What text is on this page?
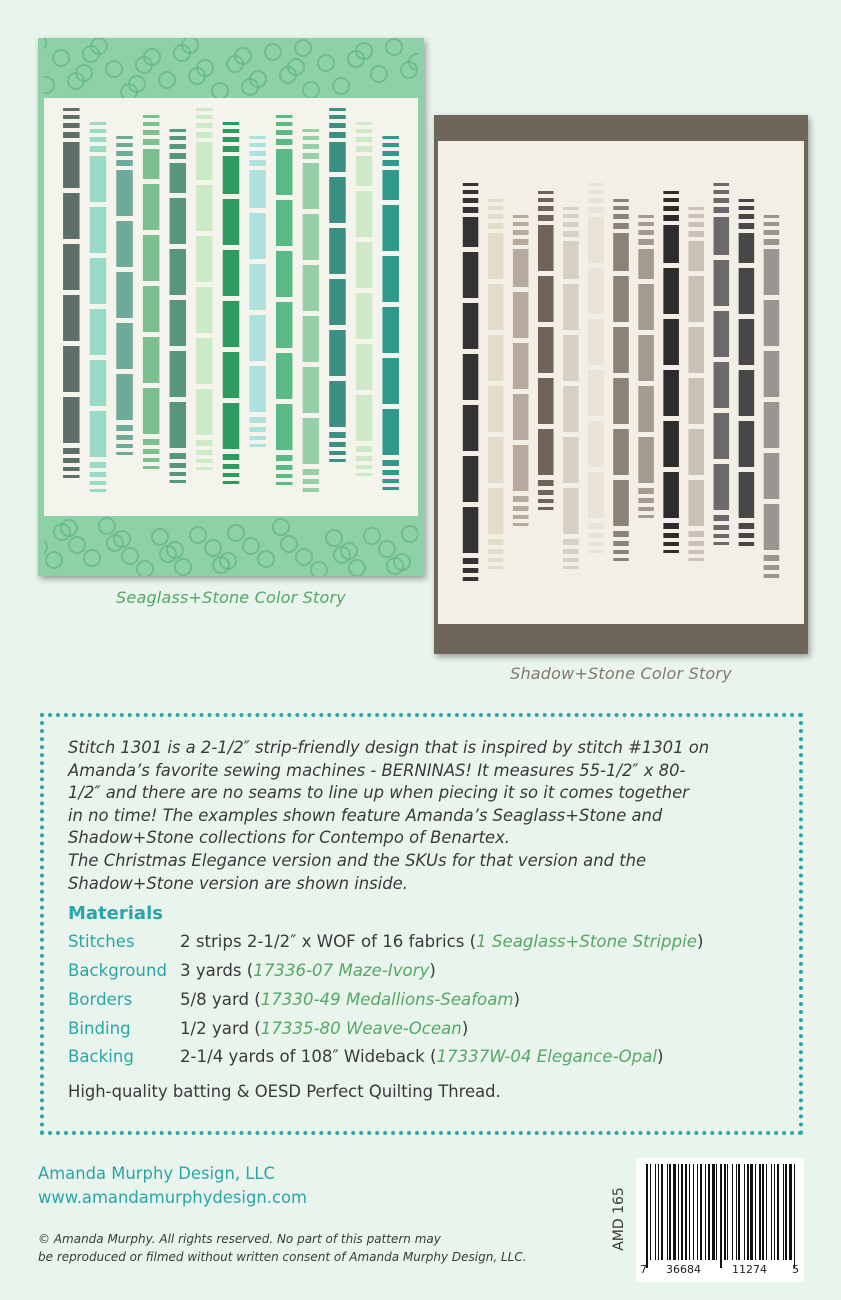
Seaglass+Stone Color Story
Shadow+Stone Color Story

Stitch 1301 is a 2-1/2″ strip-friendly design that is inspired by stitch #1301 on

Amanda’s favorite sewing machines - BERNINAS! It measures 55-1/2″ x 80-

1/2″ and there are no seams to line up when piecing it so it comes together

in no time! The examples shown feature Amanda’s Seaglass+Stone and

Shadow+Stone collections for Contempo of Benartex.

The Christmas Elegance version and the SKUs for that version and the

Shadow+Stone version are shown inside.

Materials
Stitches	2 strips 2-1/2″ x WOF of 16 fabrics (1 Seaglass+Stone Strippie)
Background 3 yards (17336-07 Maze-Ivory)
Borders	5/8 yard (17330-49 Medallions-Seafoam)
Binding	1/2 yard (17335-80 Weave-Ocean)
Backing	2-1/4 yards of 108″ Wideback (17337W-04 Elegance-Opal)
High-quality batting & OESD Perfect Quilting Thread.
Amanda Murphy Design, LLC
www.amandamurphydesign.com
© Amanda Murphy. All rights reserved. No part of this pattern may
be reproduced or filmed without written consent of Amanda Murphy Design, LLC.
AMD 165
7 36684	11274 5
